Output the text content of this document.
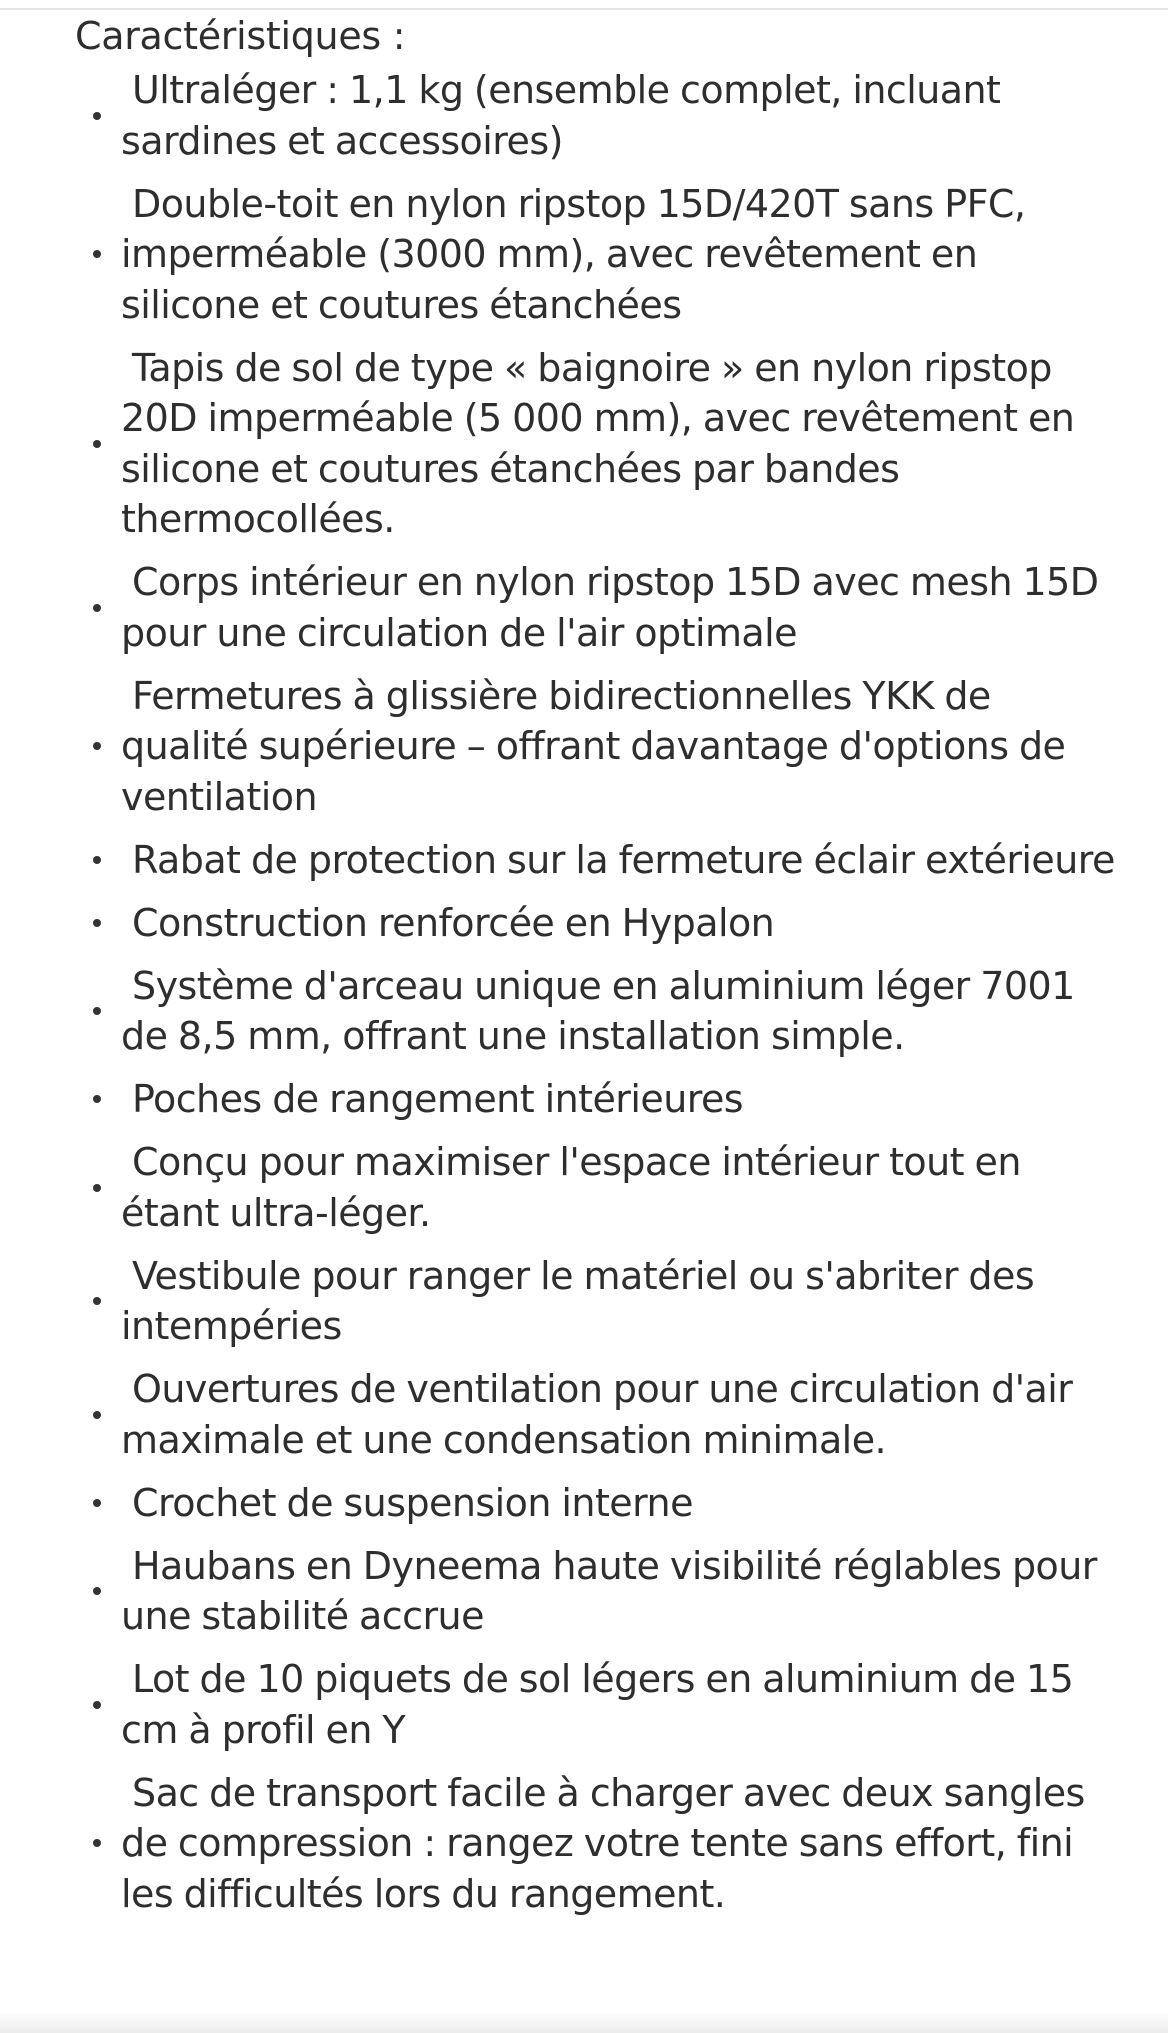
Caractéristiques :
Ultraléger : 1,1 kg (ensemble complet, incluant sardines et accessoires)
Double-toit en nylon ripstop 15D/420T sans PFC, imperméable (3000 mm), avec revêtement en silicone et coutures étanchées
Tapis de sol de type « baignoire » en nylon ripstop 20D imperméable (5 000 mm), avec revêtement en silicone et coutures étanchées par bandes thermocollées.
Corps intérieur en nylon ripstop 15D avec mesh 15D pour une circulation de l'air optimale
Fermetures à glissière bidirectionnelles YKK de qualité supérieure – offrant davantage d'options de ventilation
Rabat de protection sur la fermeture éclair extérieure
Construction renforcée en Hypalon
Système d'arceau unique en aluminium léger 7001 de 8,5 mm, offrant une installation simple.
Poches de rangement intérieures
Conçu pour maximiser l'espace intérieur tout en étant ultra-léger.
Vestibule pour ranger le matériel ou s'abriter des intempéries
Ouvertures de ventilation pour une circulation d'air maximale et une condensation minimale.
Crochet de suspension interne
Haubans en Dyneema haute visibilité réglables pour une stabilité accrue
Lot de 10 piquets de sol légers en aluminium de 15 cm à profil en Y
Sac de transport facile à charger avec deux sangles de compression : rangez votre tente sans effort, fini les difficultés lors du rangement.
